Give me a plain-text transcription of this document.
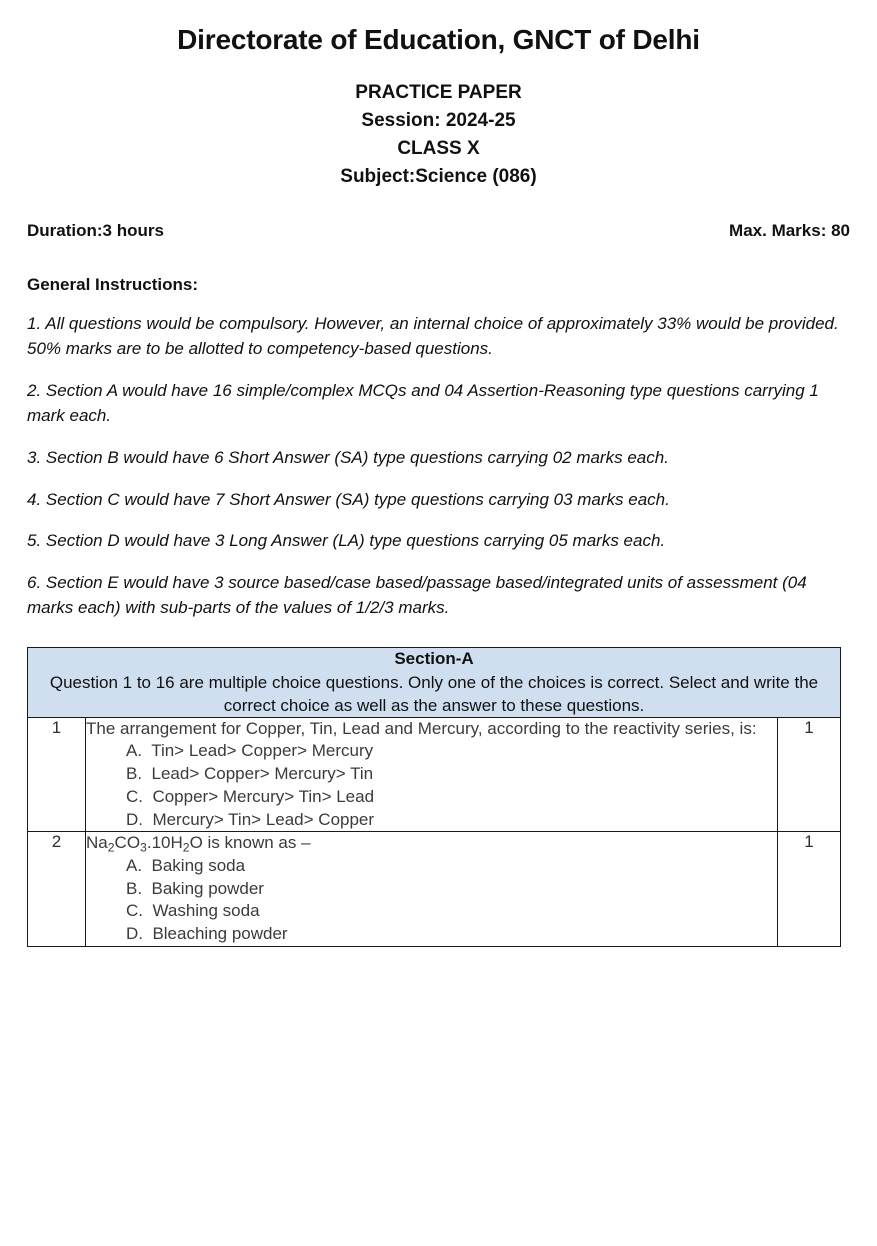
Directorate of Education, GNCT of Delhi
PRACTICE PAPER
Session: 2024-25
CLASS X
Subject:Science (086)
Duration:3 hours	Max. Marks: 80
General Instructions:

1. All questions would be compulsory. However, an internal choice of approximately 33% would be provided. 50% marks are to be allotted to competency-based questions.

2. Section A would have 16 simple/complex MCQs and 04 Assertion-Reasoning type questions carrying 1 mark each.

3. Section B would have 6 Short Answer (SA) type questions carrying 02 marks each.

4. Section C would have 7 Short Answer (SA) type questions carrying 03 marks each.

5. Section D would have 3 Long Answer (LA) type questions carrying 05 marks each.

6. Section E would have 3 source based/case based/passage based/integrated units of assessment (04 marks each) with sub-parts of the values of 1/2/3 marks.

Section-A
Question 1 to 16 are multiple choice questions. Only one of the choices is correct. Select and write the correct choice as well as the answer to these questions.		

1	The arrangement for Copper, Tin, Lead and Mercury, according to the reactivity series, is:

A.  Tin> Lead> Copper> Mercury
B.  Lead> Copper> Mercury> Tin
C.  Copper> Mercury> Tin> Lead
D.  Mercury> Tin> Lead> Copper
	1
2	$Na_2CO_3.10H_2O$ is known as –

A.  Baking soda
B.  Baking powder
C.  Washing soda
D.  Bleaching powder
	1
